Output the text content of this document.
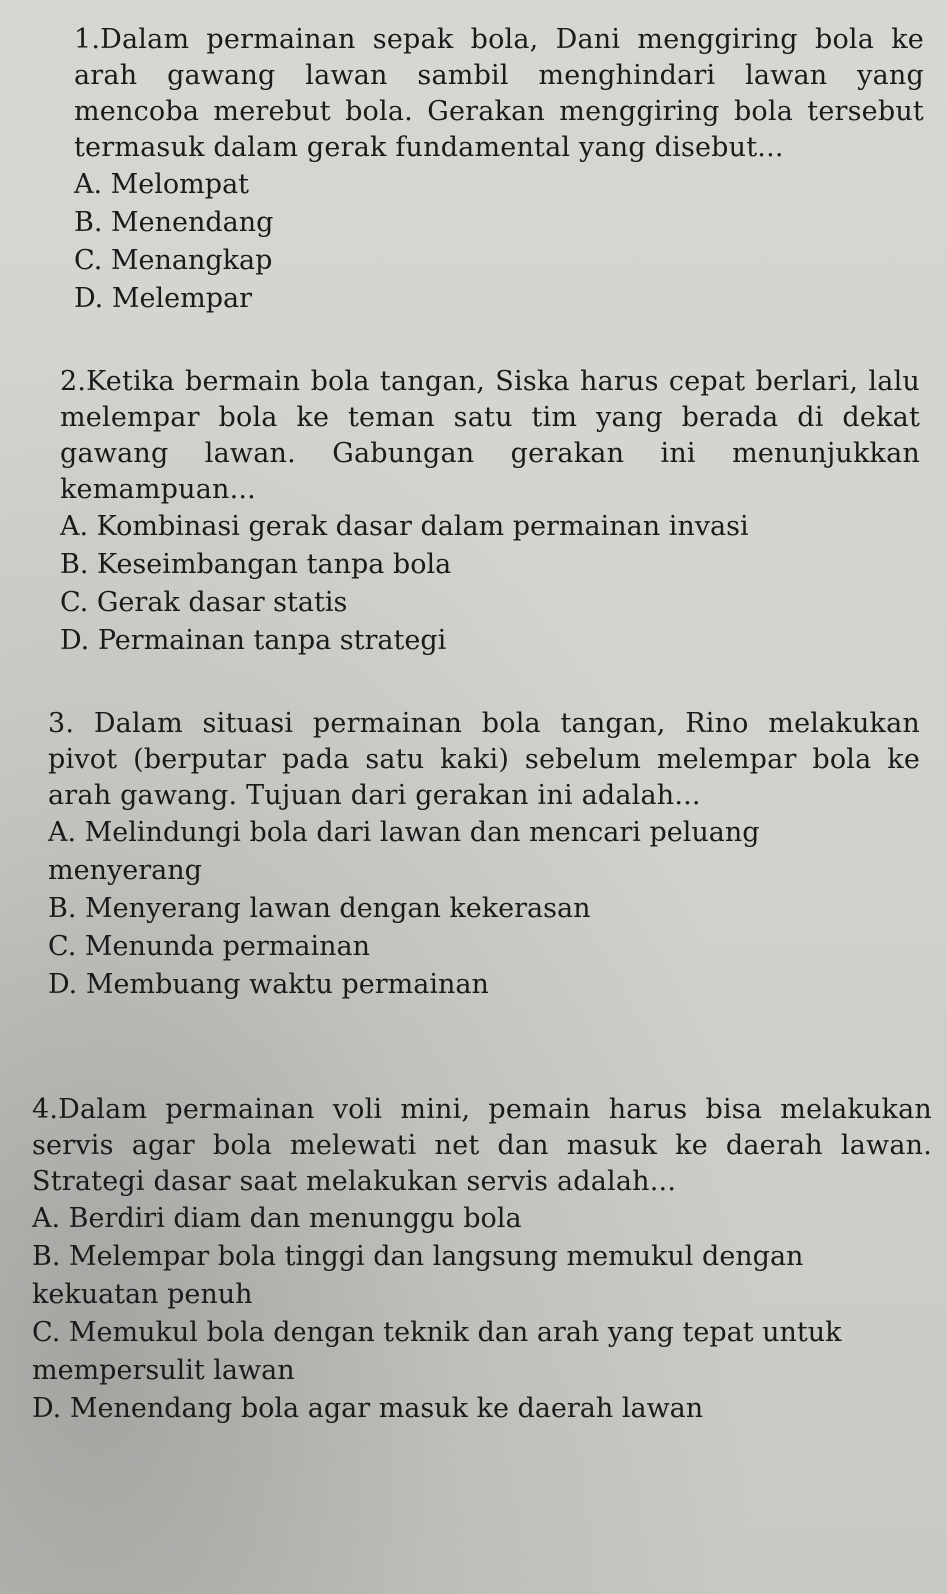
1.Dalam permainan sepak bola, Dani menggiring bola ke arah gawang lawan sambil menghindari lawan yang mencoba merebut bola. Gerakan menggiring bola tersebut termasuk dalam gerak fundamental yang disebut...

A. Melompat
B. Menendang
C. Menangkap
D. Melempar

2.Ketika bermain bola tangan, Siska harus cepat berlari, lalu melempar bola ke teman satu tim yang berada di dekat gawang lawan. Gabungan gerakan ini menunjukkan kemampuan...

A. Kombinasi gerak dasar dalam permainan invasi
B. Keseimbangan tanpa bola
C. Gerak dasar statis
D. Permainan tanpa strategi

3. Dalam situasi permainan bola tangan, Rino melakukan pivot (berputar pada satu kaki) sebelum melempar bola ke arah gawang. Tujuan dari gerakan ini adalah...

A. Melindungi bola dari lawan dan mencari peluang menyerang
B. Menyerang lawan dengan kekerasan
C. Menunda permainan
D. Membuang waktu permainan

4.Dalam permainan voli mini, pemain harus bisa melakukan servis agar bola melewati net dan masuk ke daerah lawan. Strategi dasar saat melakukan servis adalah...

A. Berdiri diam dan menunggu bola
B. Melempar bola tinggi dan langsung memukul dengan kekuatan penuh
C. Memukul bola dengan teknik dan arah yang tepat untuk mempersulit lawan
D. Menendang bola agar masuk ke daerah lawan
